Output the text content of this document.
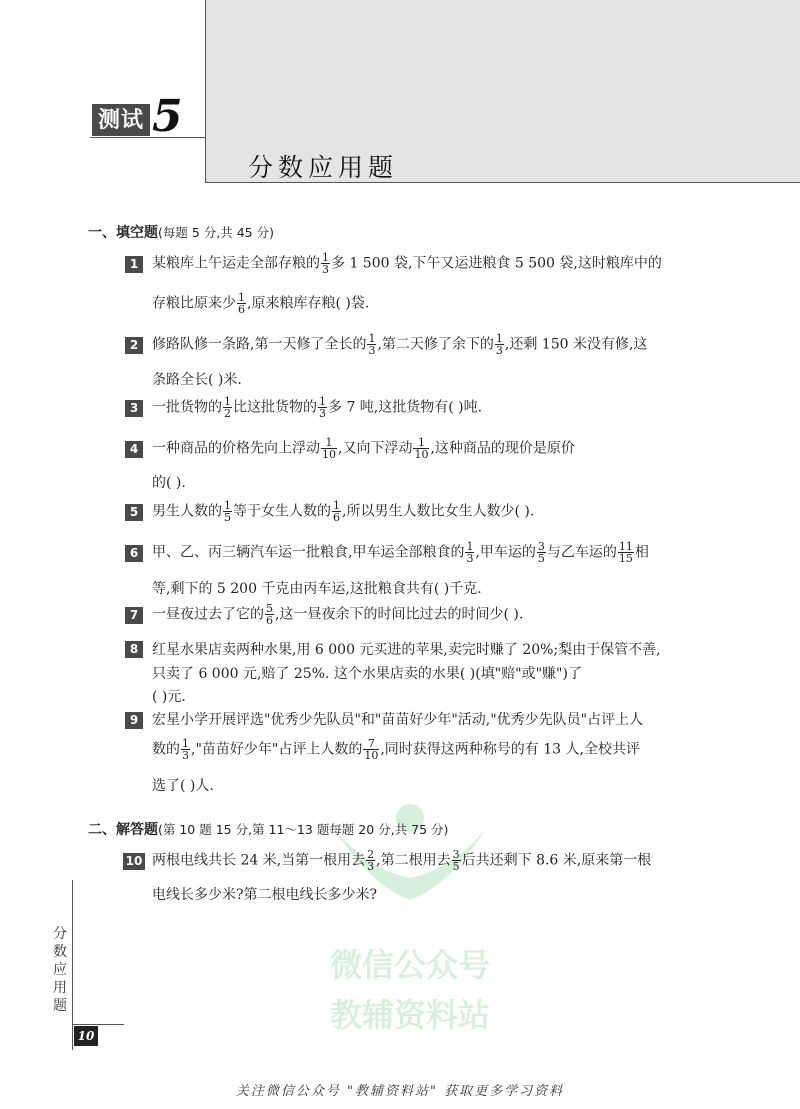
测试 5
分数应用题
一、填空题(每题 5 分,共 45 分)
1 某粮库上午运走全部存粮的 $\frac{1}{3}$ 多 1 500 袋,下午又运进粮食 5 500 袋,这时粮库中的
存粮比原来少 $\frac{1}{6}$ ,原来粮库存粮( )袋.
2 修路队修一条路,第一天修了全长的 $\frac{1}{3}$ ,第二天修了余下的 $\frac{1}{3}$ ,还剩 150 米没有修,这
条路全长( )米.
3 一批货物的 $\frac{1}{2}$ 比这批货物的 $\frac{1}{3}$ 多 7 吨,这批货物有( )吨.
4 一种商品的价格先向上浮动 $\frac{1}{10}$ ,又向下浮动 $\frac{1}{10}$ ,这种商品的现价是原价
的( ).
5 男生人数的 $\frac{1}{5}$ 等于女生人数的 $\frac{1}{6}$ ,所以男生人数比女生人数少( ).
6 甲、乙、丙三辆汽车运一批粮食,甲车运全部粮食的 $\frac{1}{3}$ ,甲车运的 $\frac{3}{5}$ 与乙车运的 $\frac{11}{15}$ 相
等,剩下的 5 200 千克由丙车运,这批粮食共有( )千克.
7 一昼夜过去了它的 $\frac{5}{6}$ ,这一昼夜余下的时间比过去的时间少( ).
8 红星水果店卖两种水果,用 6 000 元买进的苹果,卖完时赚了 20%;梨由于保管不善,
只卖了 6 000 元,赔了 25%. 这个水果店卖的水果( )(填"赔"或"赚")了
( )元.
9 宏星小学开展评选"优秀少先队员"和"苗苗好少年"活动,"优秀少先队员"占评上人
数的 $\frac{1}{3}$ ,"苗苗好少年"占评上人数的 $\frac{7}{10}$ ,同时获得这两种称号的有 13 人,全校共评
选了( )人.
微信公众号
教辅资料站
二、解答题(第 10 题 15 分,第 11～13 题每题 20 分,共 75 分)
10 两根电线共长 24 米,当第一根用去 $\frac{2}{3}$ ,第二根用去 $\frac{3}{5}$ 后共还剩下 8.6 米,原来第一根
电线长多少米?第二根电线长多少米?
分
数
应
用
题
10
关注微信公众号 "教辅资料站" 获取更多学习资料
